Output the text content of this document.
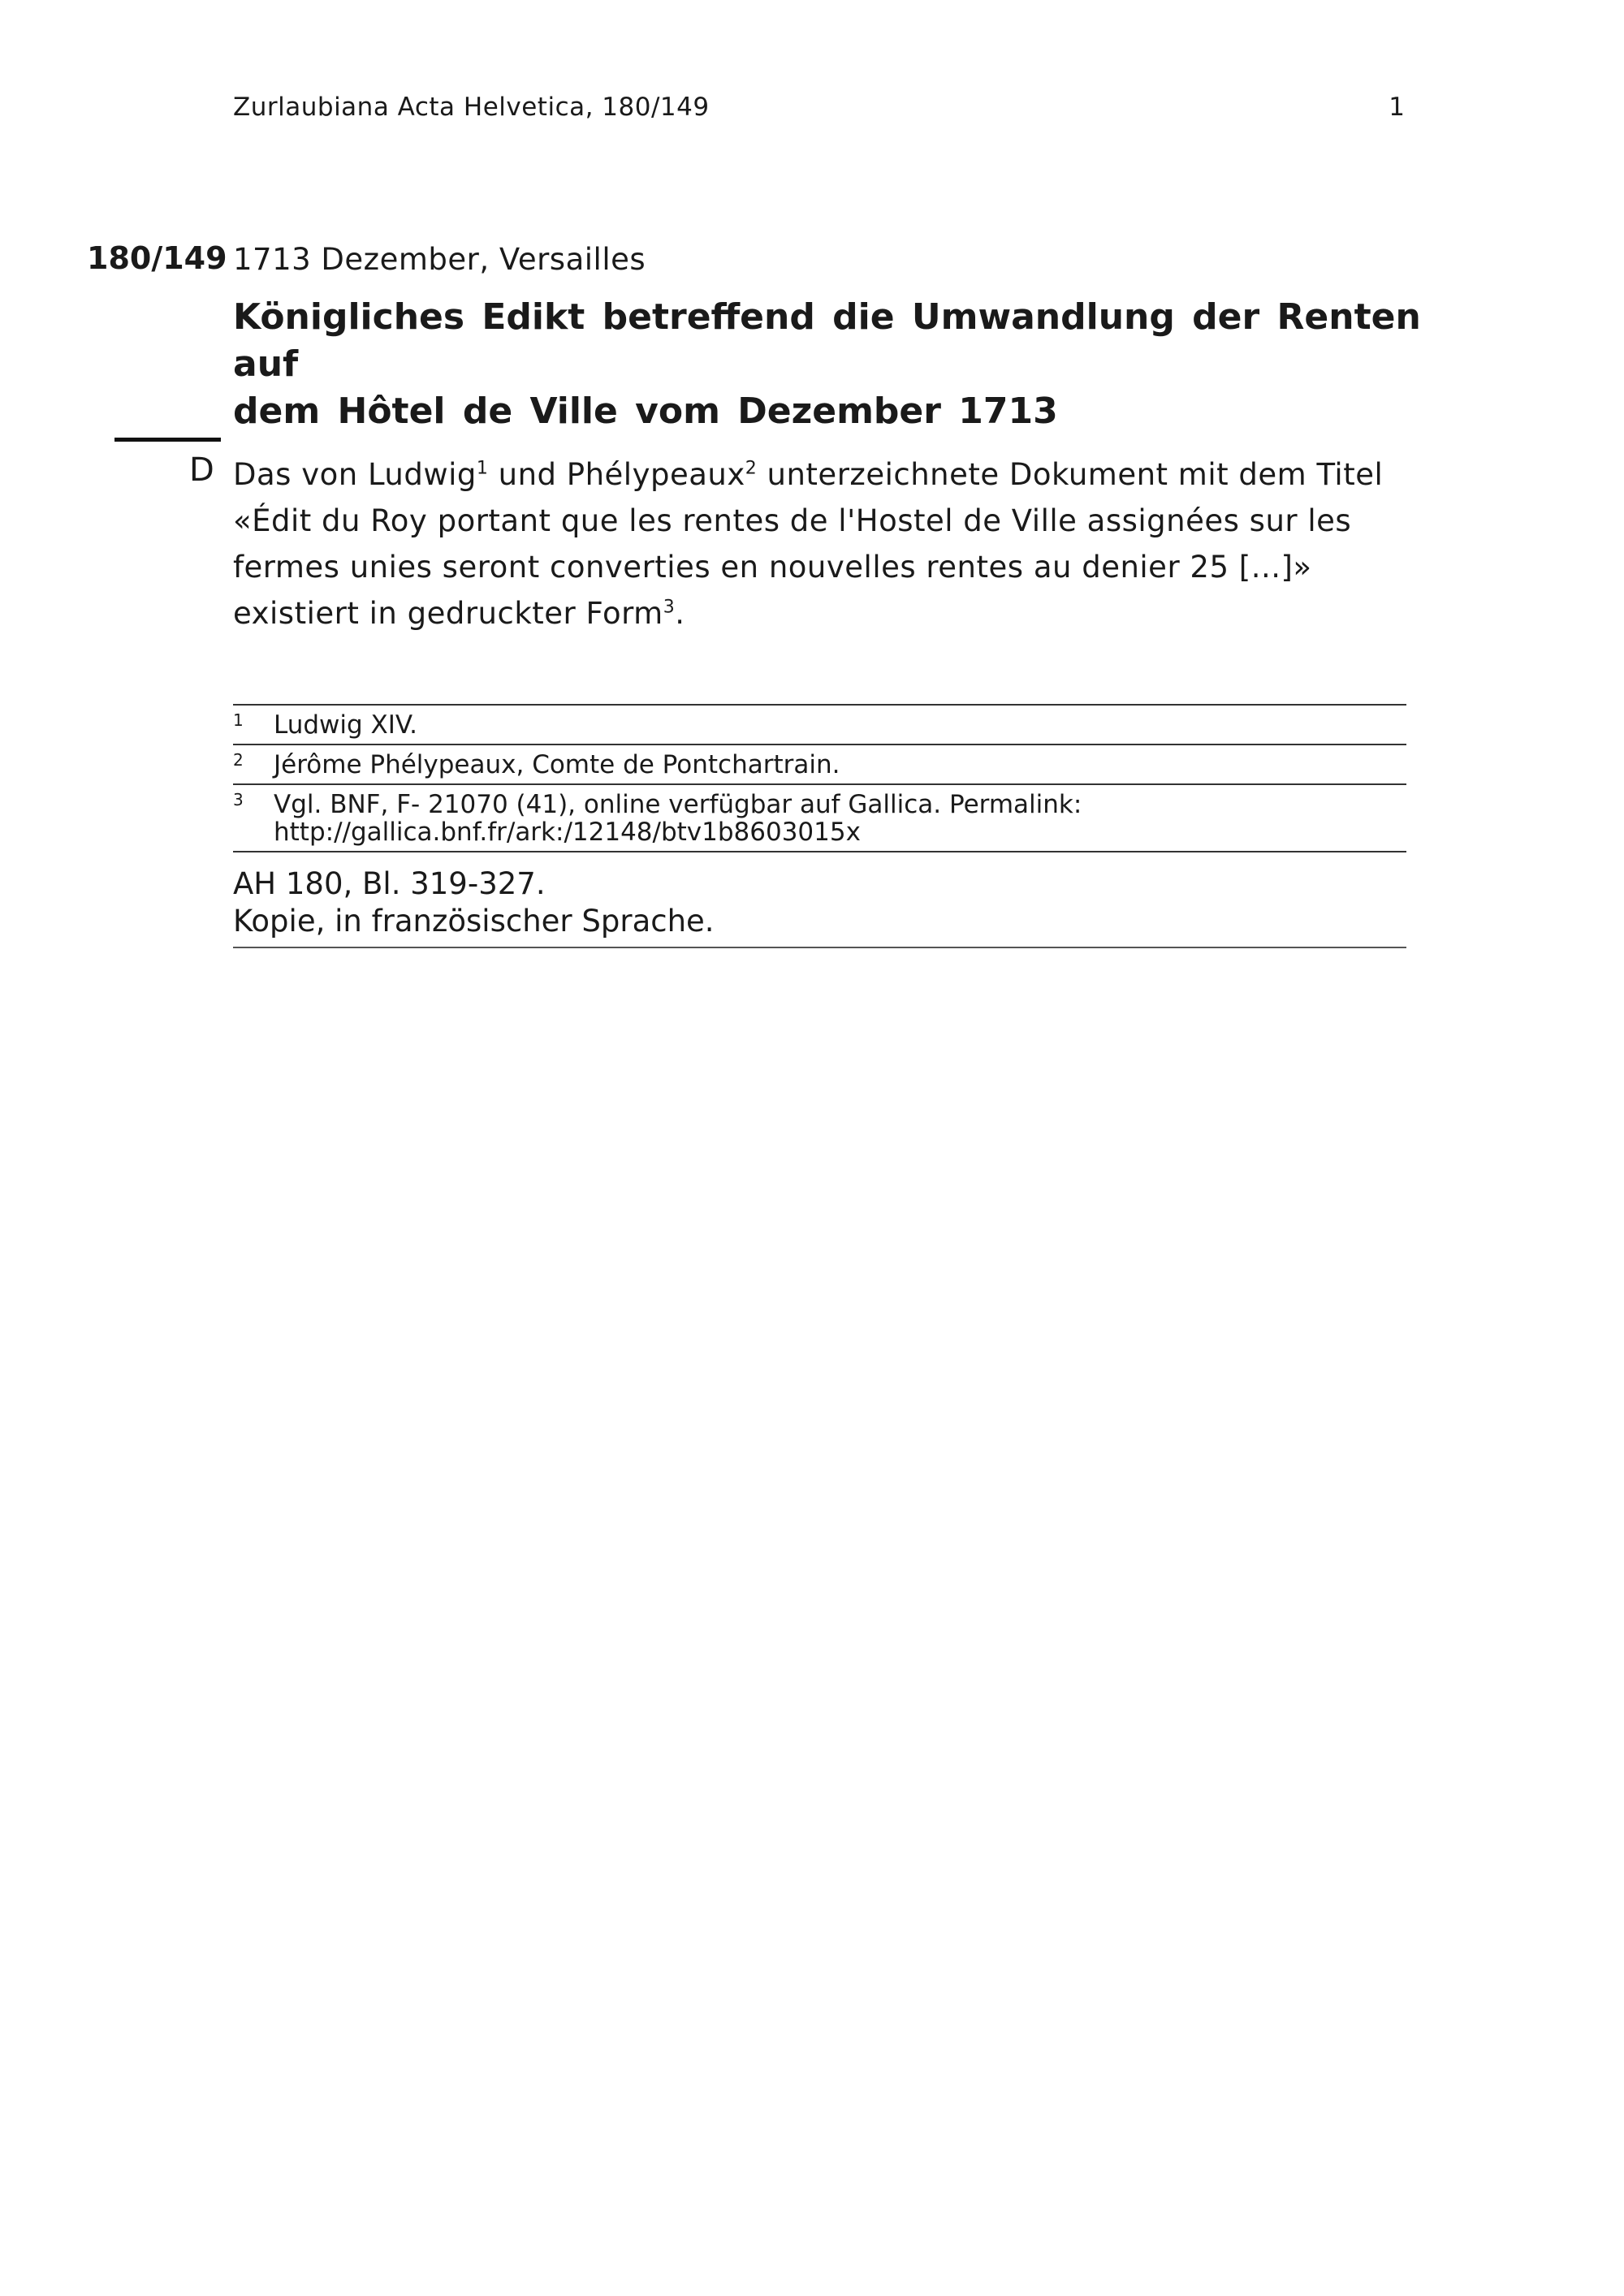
Zurlaubiana Acta Helvetica, 180/149	1
180/149 1713 Dezember, Versailles
Königliches Edikt betreffend die Umwandlung der Renten auf
dem Hôtel de Ville vom Dezember 1713
D Das von Ludwig$^1$ und Phélypeaux$^2$ unterzeichnete Dokument mit dem Titel «Édit du Roy portant que les rentes de l'Hostel de Ville assignées sur les fermes unies seront converties en nouvelles rentes au denier 25 [...]» existiert in gedruckter Form$^3$.
1	Ludwig XIV.
2	Jérôme Phélypeaux, Comte de Pontchartrain.
3	Vgl. BNF, F- 21070 (41), online verfügbar auf Gallica. Permalink:
http://gallica.bnf.fr/ark:/12148/btv1b8603015x
AH 180, Bl. 319-327.
Kopie, in französischer Sprache.
